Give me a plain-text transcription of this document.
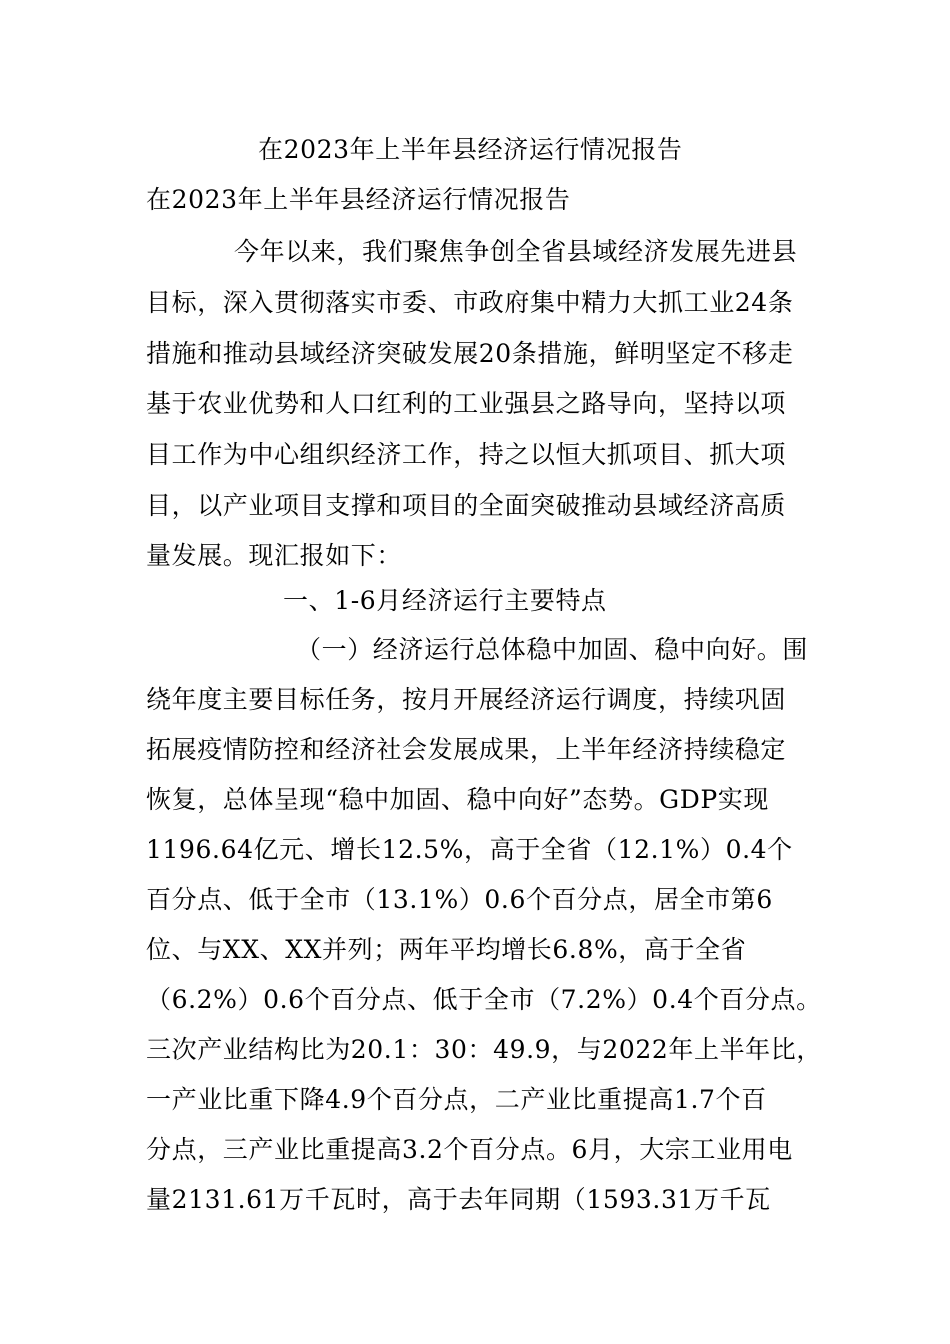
在2023年上半年县经济运行情况报告
在2023年上半年县经济运行情况报告
今年以来，我们聚焦争创全省县域经济发展先进县
目标，深入贯彻落实市委、市政府集中精力大抓工业24条
措施和推动县域经济突破发展20条措施，鲜明坚定不移走
基于农业优势和人口红利的工业强县之路导向，坚持以项
目工作为中心组织经济工作，持之以恒大抓项目、抓大项
目，以产业项目支撑和项目的全面突破推动县域经济高质
量发展。现汇报如下：
一、1-6月经济运行主要特点
（一）经济运行总体稳中加固、稳中向好。围
绕年度主要目标任务，按月开展经济运行调度，持续巩固
拓展疫情防控和经济社会发展成果，上半年经济持续稳定
恢复，总体呈现“稳中加固、稳中向好”态势。GDP实现
1196.64亿元、增长12.5%，高于全省（12.1%）0.4个
百分点、低于全市（13.1%）0.6个百分点，居全市第6
位、与XX、XX并列；两年平均增长6.8%，高于全省
（6.2%）0.6个百分点、低于全市（7.2%）0.4个百分点。
三次产业结构比为20.1：30：49.9，与2022年上半年比，
一产业比重下降4.9个百分点，二产业比重提高1.7个百
分点，三产业比重提高3.2个百分点。6月，大宗工业用电
量2131.61万千瓦时，高于去年同期（1593.31万千瓦
